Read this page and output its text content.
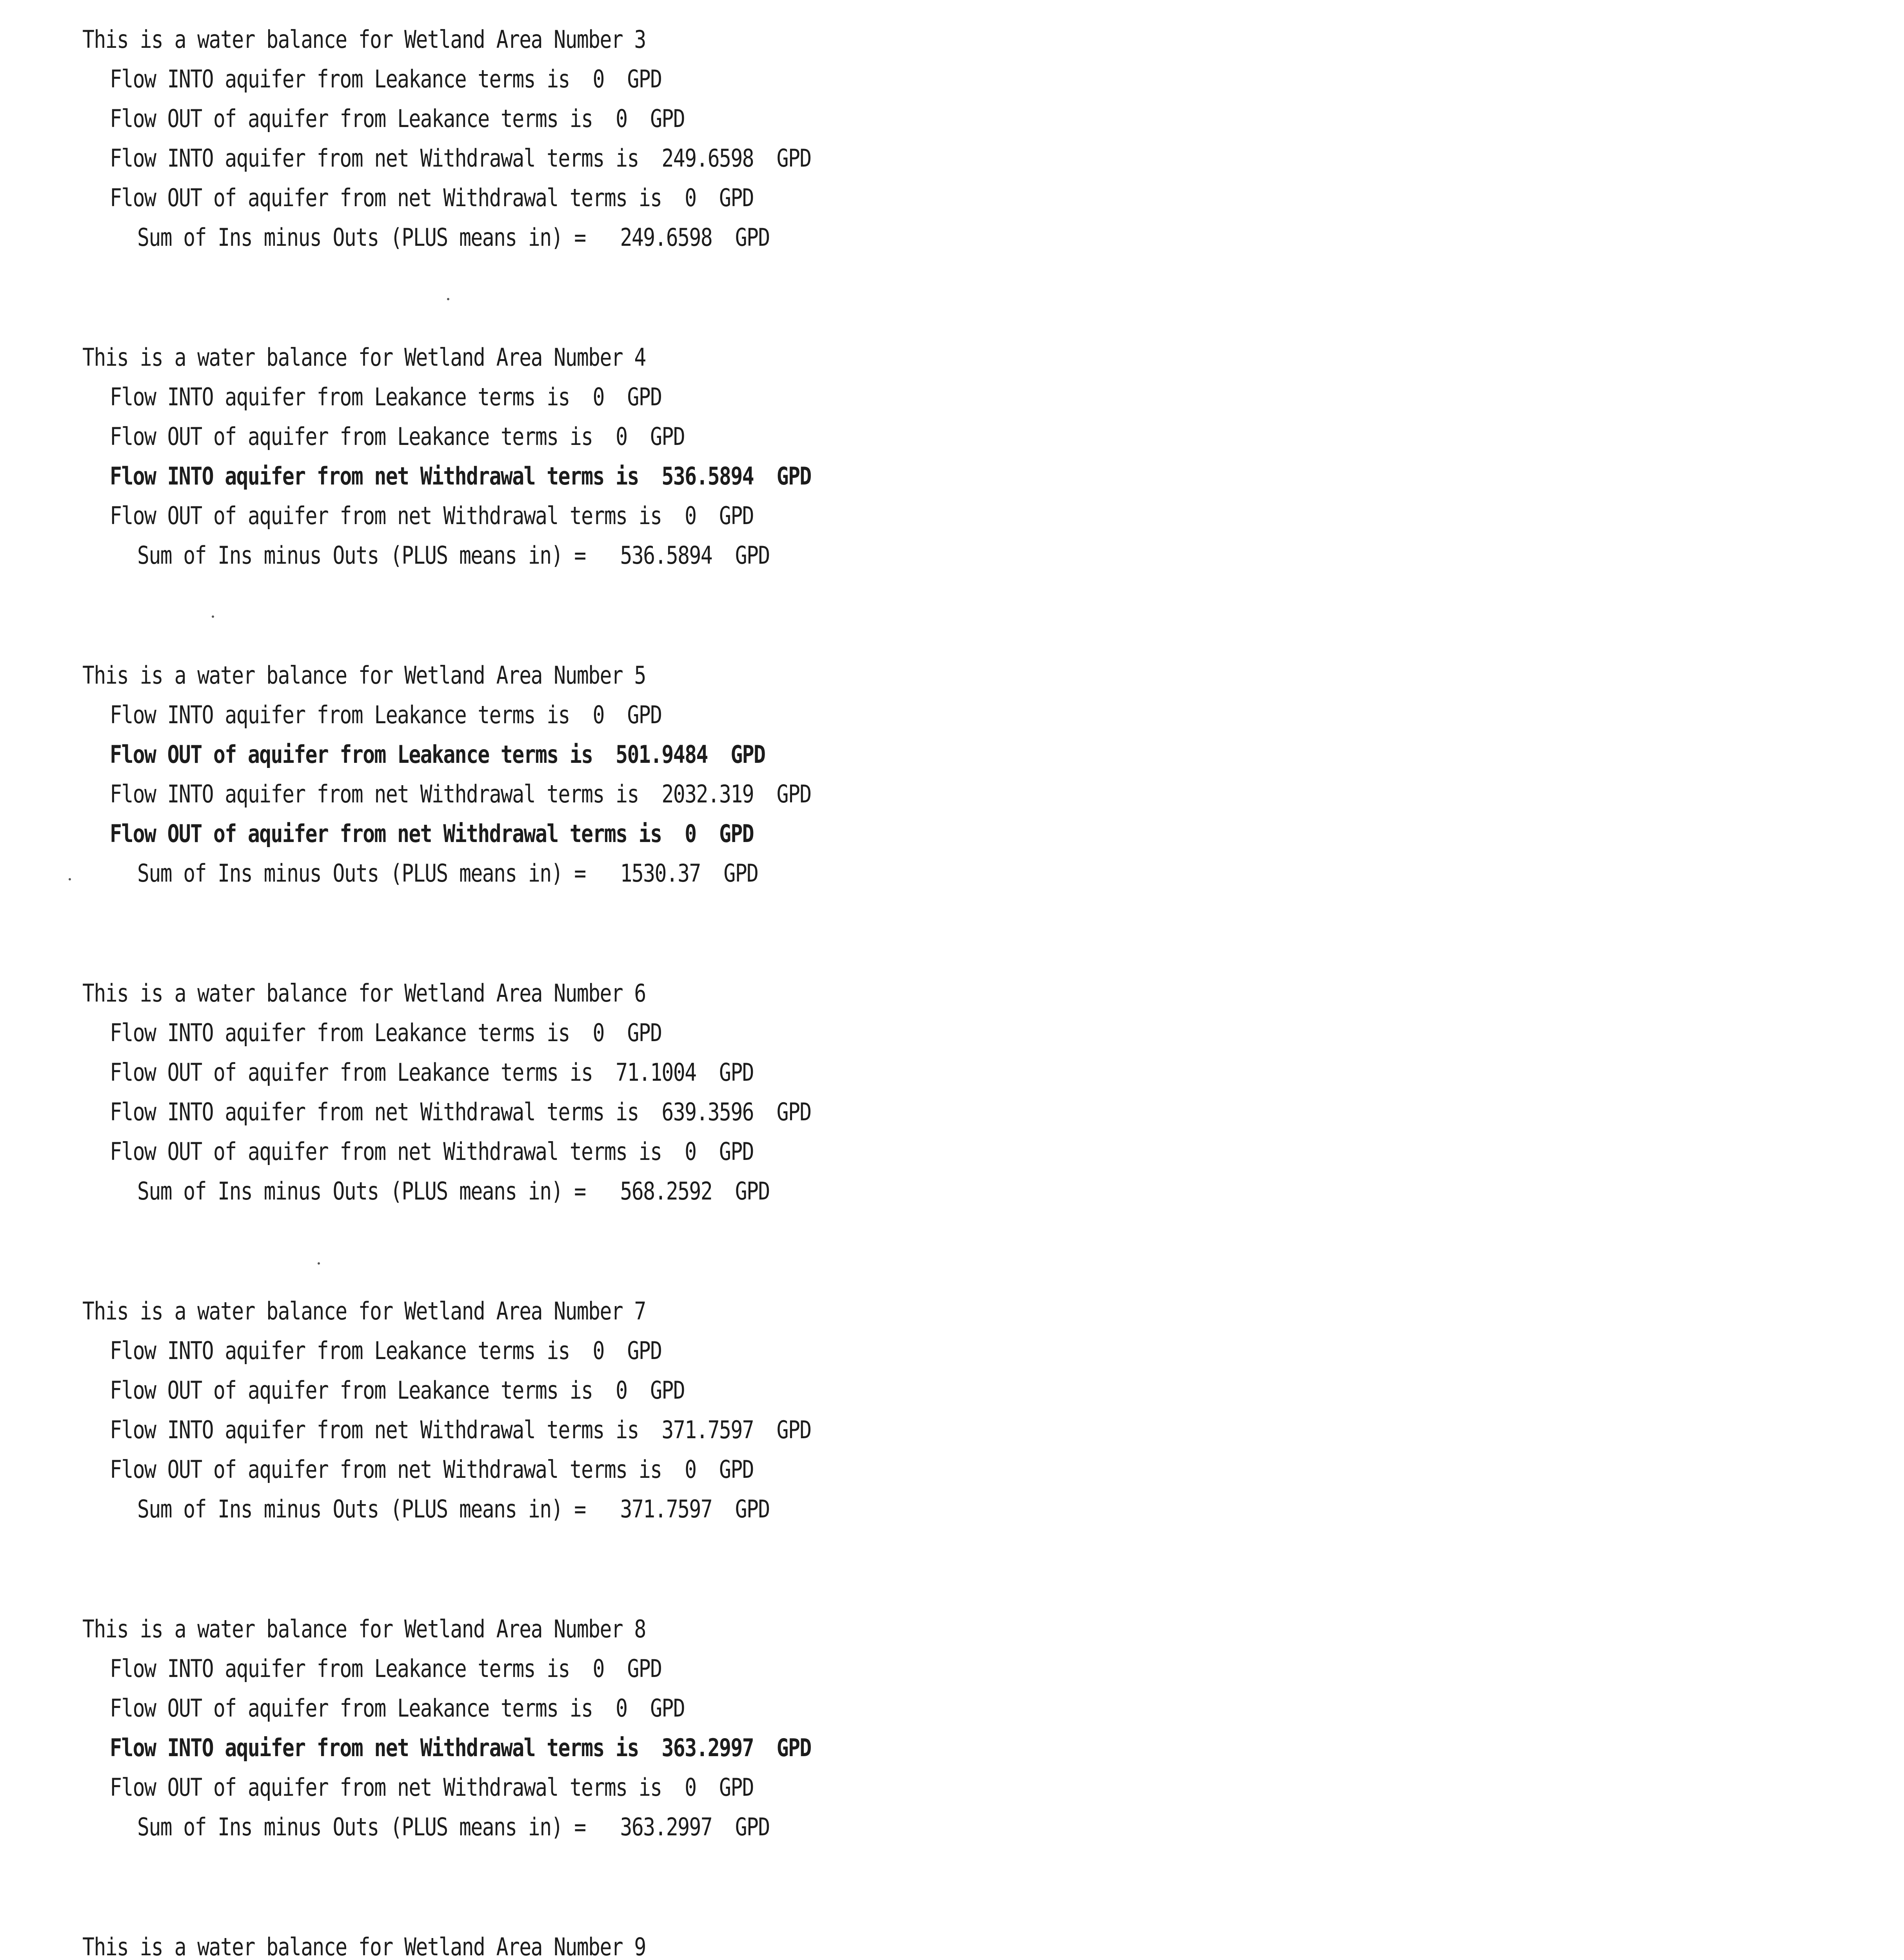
This is a water balance for Wetland Area Number 3
Flow INTO aquifer from Leakance terms is  0  GPD
Flow OUT of aquifer from Leakance terms is  0  GPD
Flow INTO aquifer from net Withdrawal terms is  249.6598  GPD
Flow OUT of aquifer from net Withdrawal terms is  0  GPD
Sum of Ins minus Outs (PLUS means in) =   249.6598  GPD
This is a water balance for Wetland Area Number 4
Flow INTO aquifer from Leakance terms is  0  GPD
Flow OUT of aquifer from Leakance terms is  0  GPD
Flow INTO aquifer from net Withdrawal terms is  536.5894  GPD
Flow OUT of aquifer from net Withdrawal terms is  0  GPD
Sum of Ins minus Outs (PLUS means in) =   536.5894  GPD
This is a water balance for Wetland Area Number 5
Flow INTO aquifer from Leakance terms is  0  GPD
Flow OUT of aquifer from Leakance terms is  501.9484  GPD
Flow INTO aquifer from net Withdrawal terms is  2032.319  GPD
Flow OUT of aquifer from net Withdrawal terms is  0  GPD
Sum of Ins minus Outs (PLUS means in) =   1530.37  GPD
This is a water balance for Wetland Area Number 6
Flow INTO aquifer from Leakance terms is  0  GPD
Flow OUT of aquifer from Leakance terms is  71.1004  GPD
Flow INTO aquifer from net Withdrawal terms is  639.3596  GPD
Flow OUT of aquifer from net Withdrawal terms is  0  GPD
Sum of Ins minus Outs (PLUS means in) =   568.2592  GPD
This is a water balance for Wetland Area Number 7
Flow INTO aquifer from Leakance terms is  0  GPD
Flow OUT of aquifer from Leakance terms is  0  GPD
Flow INTO aquifer from net Withdrawal terms is  371.7597  GPD
Flow OUT of aquifer from net Withdrawal terms is  0  GPD
Sum of Ins minus Outs (PLUS means in) =   371.7597  GPD
This is a water balance for Wetland Area Number 8
Flow INTO aquifer from Leakance terms is  0  GPD
Flow OUT of aquifer from Leakance terms is  0  GPD
Flow INTO aquifer from net Withdrawal terms is  363.2997  GPD
Flow OUT of aquifer from net Withdrawal terms is  0  GPD
Sum of Ins minus Outs (PLUS means in) =   363.2997  GPD
This is a water balance for Wetland Area Number 9
